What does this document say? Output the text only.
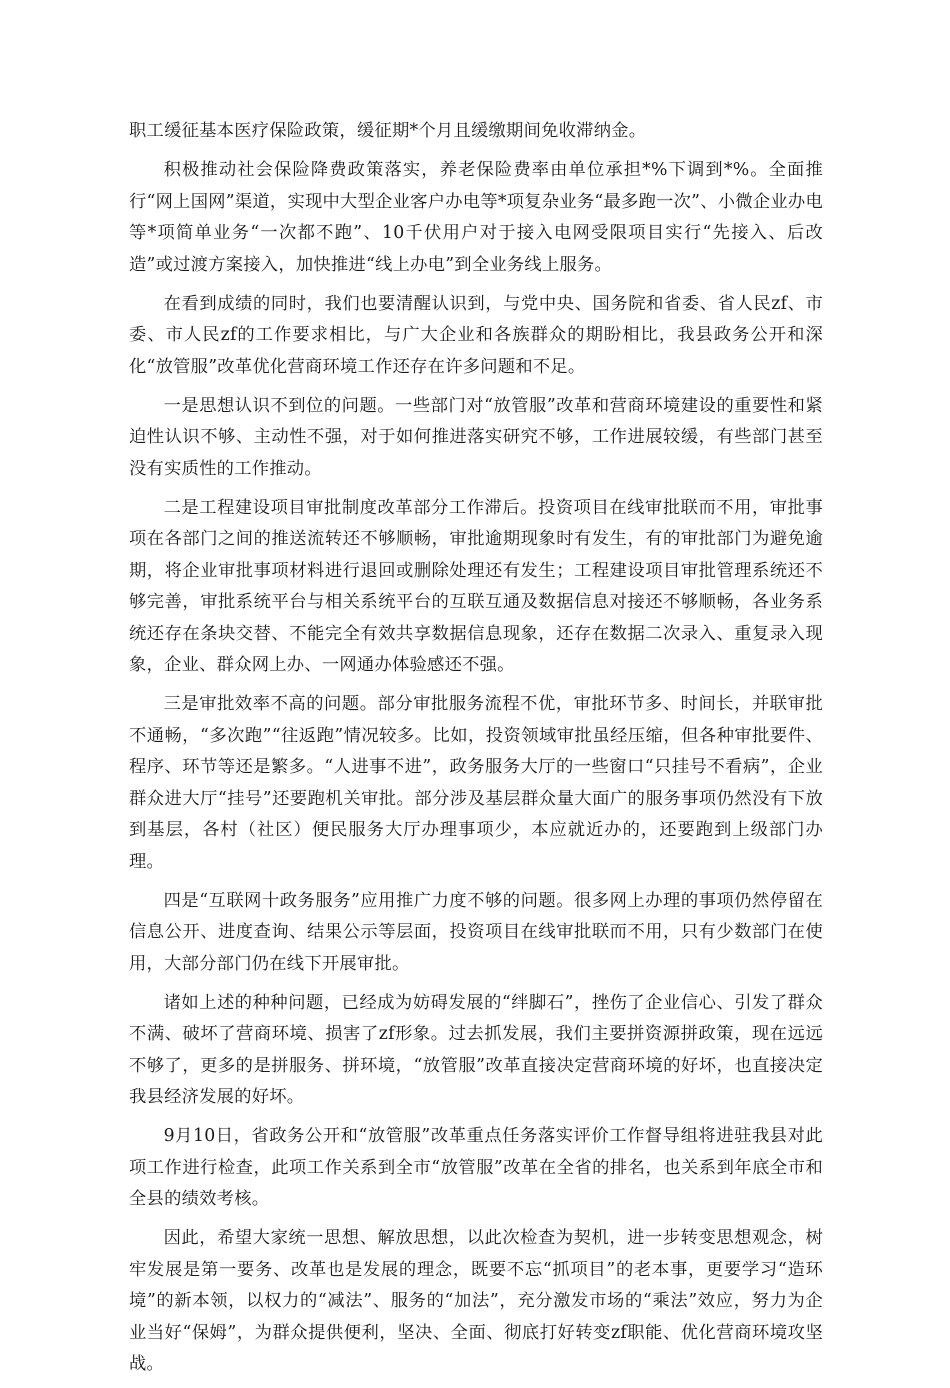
职工缓征基本医疗保险政策，缓征期*个月且缓缴期间免收滞纳金。

积极推动社会保险降费政策落实，养老保险费率由单位承担*%下调到*%。全面推行“网上国网”渠道，实现中大型企业客户办电等*项复杂业务“最多跑一次”、小微企业办电等*项简单业务“一次都不跑”、10千伏用户对于接入电网受限项目实行“先接入、后改造”或过渡方案接入，加快推进“线上办电”到全业务线上服务。

在看到成绩的同时，我们也要清醒认识到，与党中央、国务院和省委、省人民zf、市委、市人民zf的工作要求相比，与广大企业和各族群众的期盼相比，我县政务公开和深化“放管服”改革优化营商环境工作还存在许多问题和不足。

一是思想认识不到位的问题。一些部门对“放管服”改革和营商环境建设的重要性和紧迫性认识不够、主动性不强，对于如何推进落实研究不够，工作进展较缓，有些部门甚至没有实质性的工作推动。

二是工程建设项目审批制度改革部分工作滞后。投资项目在线审批联而不用，审批事项在各部门之间的推送流转还不够顺畅，审批逾期现象时有发生，有的审批部门为避免逾期，将企业审批事项材料进行退回或删除处理还有发生；工程建设项目审批管理系统还不够完善，审批系统平台与相关系统平台的互联互通及数据信息对接还不够顺畅，各业务系统还存在条块交替、不能完全有效共享数据信息现象，还存在数据二次录入、重复录入现象，企业、群众网上办、一网通办体验感还不强。

三是审批效率不高的问题。部分审批服务流程不优，审批环节多、时间长，并联审批不通畅，“多次跑”“往返跑”情况较多。比如，投资领域审批虽经压缩，但各种审批要件、程序、环节等还是繁多。“人进事不进”，政务服务大厅的一些窗口“只挂号不看病”，企业群众进大厅“挂号”还要跑机关审批。部分涉及基层群众量大面广的服务事项仍然没有下放到基层，各村（社区）便民服务大厅办理事项少，本应就近办的，还要跑到上级部门办理。

四是“互联网十政务服务”应用推广力度不够的问题。很多网上办理的事项仍然停留在信息公开、进度查询、结果公示等层面，投资项目在线审批联而不用，只有少数部门在使用，大部分部门仍在线下开展审批。

诸如上述的种种问题，已经成为妨碍发展的“绊脚石”，挫伤了企业信心、引发了群众不满、破坏了营商环境、损害了zf形象。过去抓发展，我们主要拼资源拼政策，现在远远不够了，更多的是拼服务、拼环境，“放管服”改革直接决定营商环境的好坏，也直接决定我县经济发展的好坏。

9月10日，省政务公开和“放管服”改革重点任务落实评价工作督导组将进驻我县对此项工作进行检查，此项工作关系到全市“放管服”改革在全省的排名，也关系到年底全市和全县的绩效考核。

因此，希望大家统一思想、解放思想，以此次检查为契机，进一步转变思想观念，树牢发展是第一要务、改革也是发展的理念，既要不忘“抓项目”的老本事，更要学习“造环境”的新本领，以权力的“减法”、服务的“加法”，充分激发市场的“乘法”效应，努力为企业当好“保姆”，为群众提供便利，坚决、全面、彻底打好转变zf职能、优化营商环境攻坚战。
